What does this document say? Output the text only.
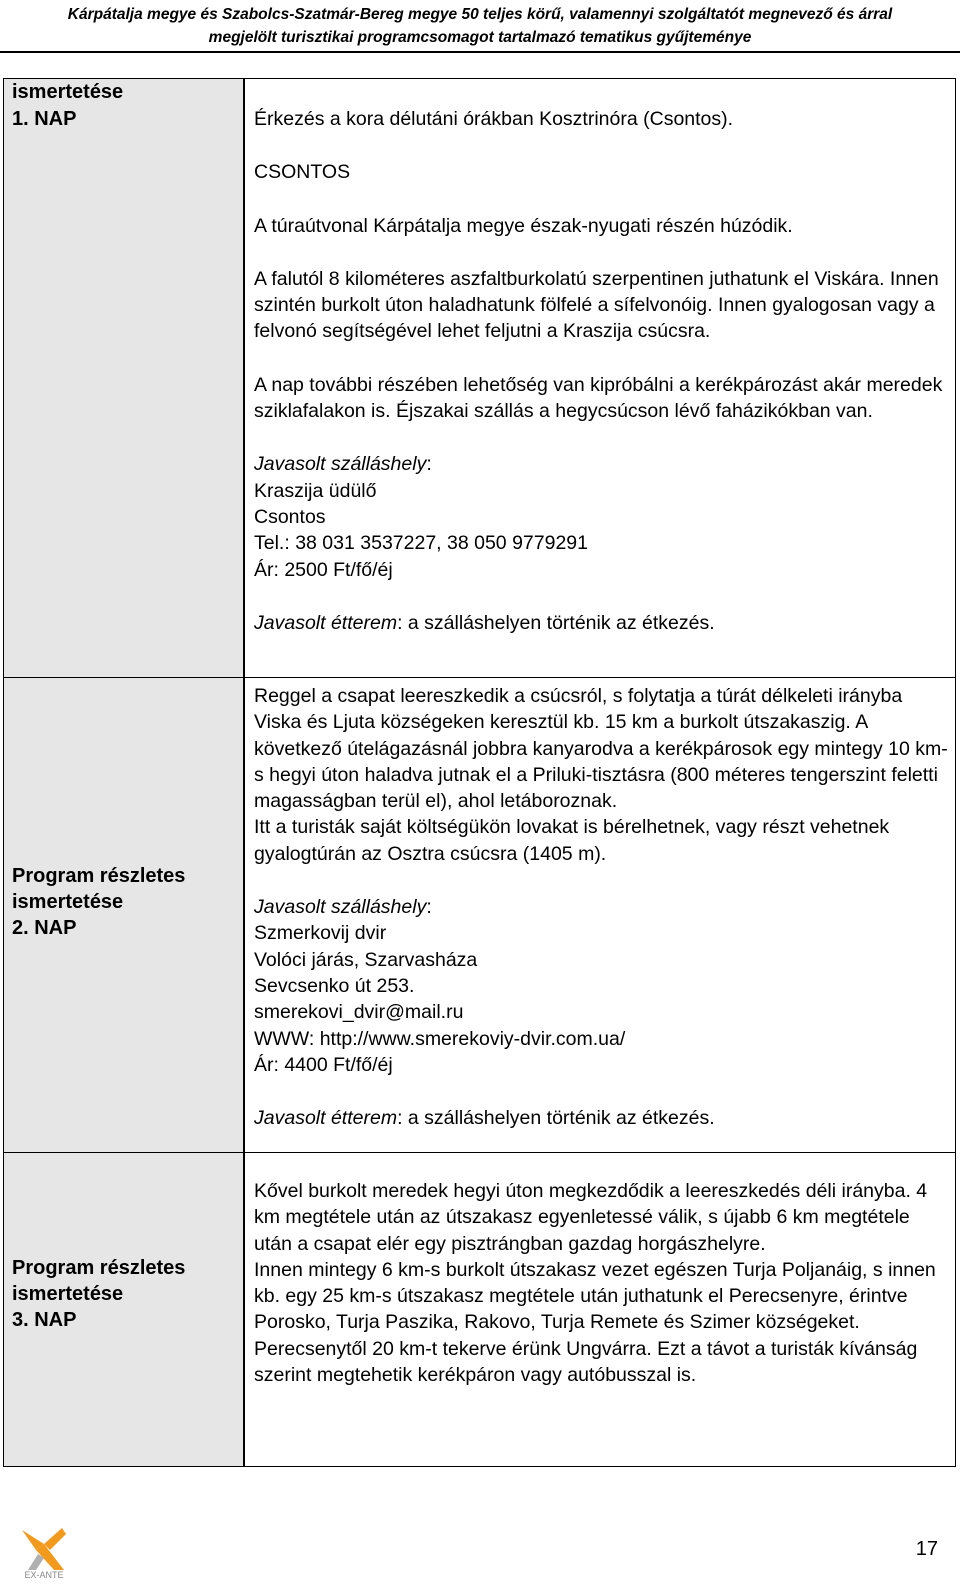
Kárpátalja megye és Szabolcs-Szatmár-Bereg megye 50 teljes körű, valamennyi szolgáltatót megnevező és árral
megjelölt turisztikai programcsomagot tartalmazó tematikus gyűjteménye
ismertetése
1. NAP	Érkezés a kora délutáni órákban Kosztrinóra (Csontos).

CSONTOS

A túraútvonal Kárpátalja megye észak-nyugati részén húzódik.

A falutól 8 kilométeres aszfaltburkolatú szerpentinen juthatunk el Viskára. Innen szintén burkolt úton haladhatunk fölfelé a sífelvonóig. Innen gyalogosan vagy a felvonó segítségével lehet feljutni a Kraszija csúcsra.

A nap további részében lehetőség van kipróbálni a kerékpározást akár meredek sziklafalakon is. Éjszakai szállás a hegycsúcson lévő faházikókban van.

Javasolt szálláshely:

Kraszija üdülő

Csontos

Tel.: 38 031 3537227, 38 050 9779291

Ár: 2500 Ft/fő/éj

Javasolt étterem: a szálláshelyen történik az étkezés.

Program részletes
ismertetése
2. NAP

Reggel a csapat leereszkedik a csúcsról, s folytatja a túrát délkeleti irányba Viska és Ljuta községeken keresztül kb. 15 km a burkolt útszakaszig. A következő útelágazásnál jobbra kanyarodva a kerékpárosok egy mintegy 10 km-s hegyi úton haladva jutnak el a Priluki-tisztásra (800 méteres tengerszint feletti magasságban terül el), ahol letáboroznak.

Itt a turisták saját költségükön lovakat is bérelhetnek, vagy részt vehetnek gyalogtúrán az Osztra csúcsra (1405 m).

Javasolt szálláshely:

Szmerkovij dvir

Volóci járás, Szarvasháza

Sevcsenko út 253.

smerekovi_dvir@mail.ru

WWW: http://www.smerekoviy-dvir.com.ua/

Ár: 4400 Ft/fő/éj

Javasolt étterem: a szálláshelyen történik az étkezés.

Program részletes
ismertetése
3. NAP

Kővel burkolt meredek hegyi úton megkezdődik a leereszkedés déli irányba. 4 km megtétele után az útszakasz egyenletessé válik, s újabb 6 km megtétele után a csapat elér egy pisztrángban gazdag horgászhelyre.

Innen mintegy 6 km-s burkolt útszakasz vezet egészen Turja Poljanáig, s innen kb. egy 25 km-s útszakasz megtétele után juthatunk el Perecsenyre, érintve Porosko, Turja Paszika, Rakovo, Turja Remete és Szimer községeket. Perecsenytől 20 km-t tekerve érünk Ungvárra. Ezt a távot a turisták kívánság szerint megtehetik kerékpáron vagy autóbusszal is.

EX-ANTE
17
